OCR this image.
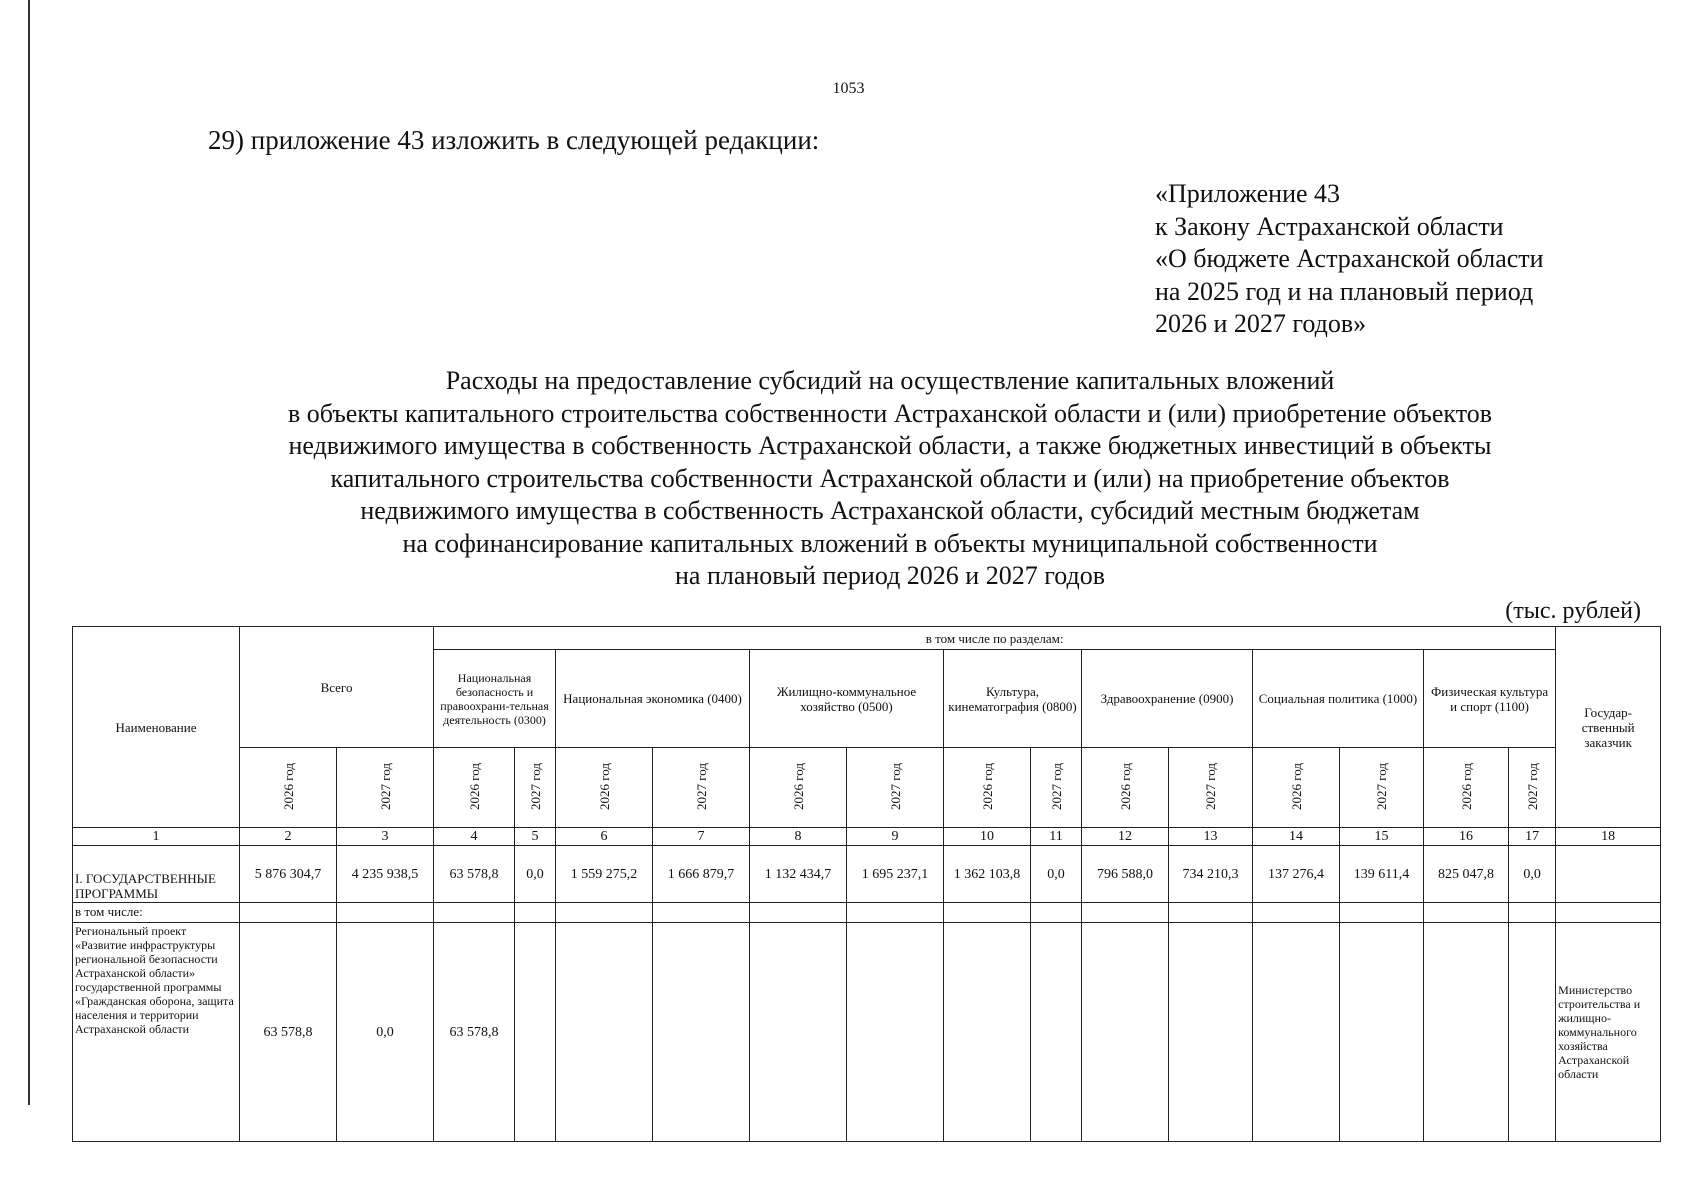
1053
29) приложение 43 изложить в следующей редакции:
«Приложение 43
к Закону Астраханской области
«О бюджете Астраханской области
на 2025 год и на плановый период
2026 и 2027 годов»
Расходы на предоставление субсидий на осуществление капитальных вложений
в объекты капитального строительства собственности Астраханской области и (или) приобретение объектов
недвижимого имущества в собственность Астраханской области, а также бюджетных инвестиций в объекты
капитального строительства собственности Астраханской области и (или) на приобретение объектов
недвижимого имущества в собственность Астраханской области, субсидий местным бюджетам
на софинансирование капитальных вложений в объекты муниципальной собственности
на плановый период 2026 и 2027 годов
(тыс. рублей)
Наименование	Всего		в том числе по разделам:														Государ-ственный заказчик
			Национальная безопасность и правоохрани-тельная деятельность (0300)		Национальная экономика (0400)		Жилищно-коммунальное хозяйство (0500)		Культура, кинематография (0800)		Здравоохранение (0900)		Социальная политика (1000)		Физическая культура и спорт (1100)		
	2026 год	2027 год	2026 год	2027 год	2026 год	2027 год	2026 год	2027 год	2026 год	2027 год	2026 год	2027 год	2026 год	2027 год	2026 год	2027 год	
1	2	3	4	5	6	7	8	9	10	11	12	13	14	15	16	17	18
I. ГОСУДАРСТВЕННЫЕ ПРОГРАММЫ	5 876 304,7	4 235 938,5	63 578,8	0,0	1 559 275,2	1 666 879,7	1 132 434,7	1 695 237,1	1 362 103,8	0,0	796 588,0	734 210,3	137 276,4	139 611,4	825 047,8	0,0	
в том числе:																	
Региональный проект «Развитие инфраструктуры региональной безопасности Астраханской области» государственной программы «Гражданская оборона, защита населения и территории Астраханской области	63 578,8	0,0	63 578,8														Министерство строительства и жилищно-коммунального хозяйства Астраханской области
